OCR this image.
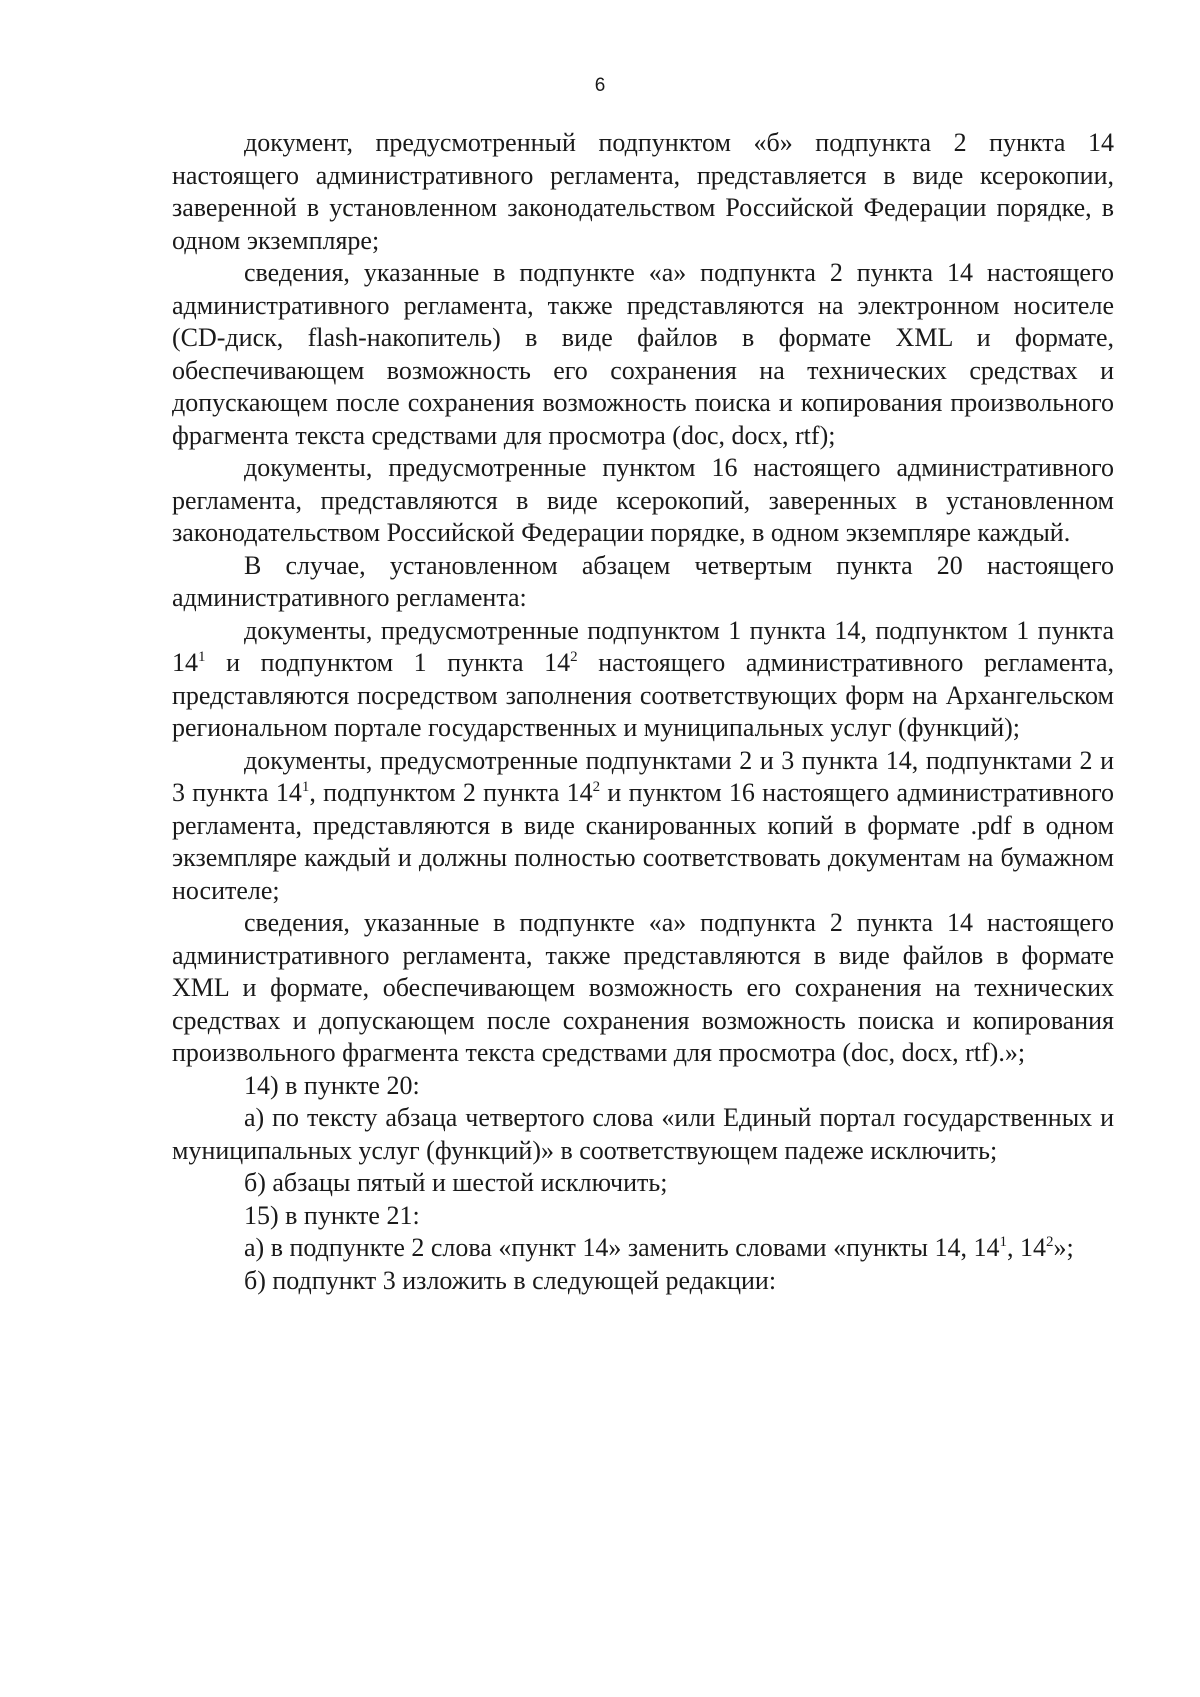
6

документ, предусмотренный подпунктом «б» подпункта 2 пункта 14 настоящего административного регламента, представляется в виде ксерокопии, заверенной в установленном законодательством Российской Федерации порядке, в одном экземпляре;

сведения, указанные в подпункте «а» подпункта 2 пункта 14 настоящего административного регламента, также представляются на электронном носителе (CD-диск, flash-накопитель) в виде файлов в формате XML и формате, обеспечивающем возможность его сохранения на технических средствах и допускающем после сохранения возможность поиска и копирования произвольного фрагмента текста средствами для просмотра (doc, docx, rtf);

документы, предусмотренные пунктом 16 настоящего административного регламента, представляются в виде ксерокопий, заверенных в установленном законодательством Российской Федерации порядке, в одном экземпляре каждый.

В случае, установленном абзацем четвертым пункта 20 настоящего административного регламента:

документы, предусмотренные подпунктом 1 пункта 14, подпунктом 1 пункта $14^1$ и подпунктом 1 пункта $14^2$ настоящего административного регламента, представляются посредством заполнения соответствующих форм на Архангельском региональном портале государственных и муниципальных услуг (функций);

документы, предусмотренные подпунктами 2 и 3 пункта 14, подпунктами 2 и 3 пункта $14^1$, подпунктом 2 пункта $14^2$ и пунктом 16 настоящего административного регламента, представляются в виде сканированных копий в формате .pdf в одном экземпляре каждый и должны полностью соответствовать документам на бумажном носителе;

сведения, указанные в подпункте «а» подпункта 2 пункта 14 настоящего административного регламента, также представляются в виде файлов в формате XML и формате, обеспечивающем возможность его сохранения на технических средствах и допускающем после сохранения возможность поиска и копирования произвольного фрагмента текста средствами для просмотра (doc, docx, rtf).»;

14) в пункте 20:

а) по тексту абзаца четвертого слова «или Единый портал государственных и муниципальных услуг (функций)» в соответствующем падеже исключить;

б) абзацы пятый и шестой исключить;

15) в пункте 21:

а) в подпункте 2 слова «пункт 14» заменить словами «пункты 14, $14^1$, $14^2$»;

б) подпункт 3 изложить в следующей редакции:
